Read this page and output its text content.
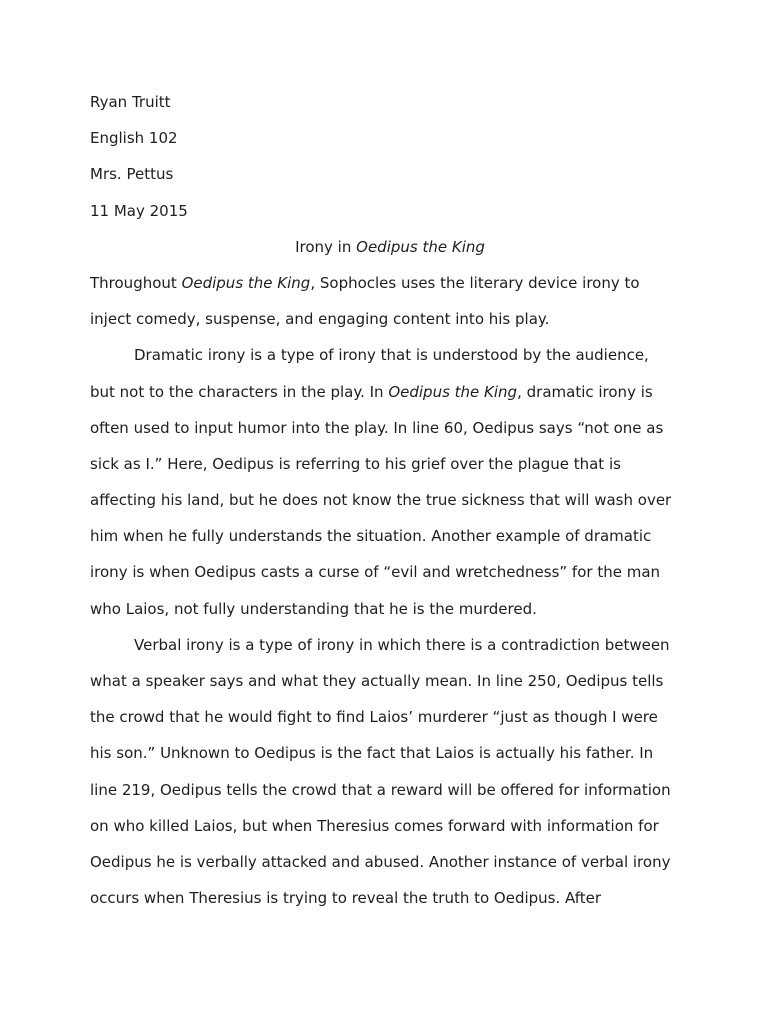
Ryan Truitt
English 102
Mrs. Pettus
11 May 2015
Irony in Oedipus the King
Throughout Oedipus the King, Sophocles uses the literary device irony to
inject comedy, suspense, and engaging content into his play.
Dramatic irony is a type of irony that is understood by the audience,
but not to the characters in the play. In Oedipus the King, dramatic irony is
often used to input humor into the play. In line 60, Oedipus says “not one as
sick as I.” Here, Oedipus is referring to his grief over the plague that is
affecting his land, but he does not know the true sickness that will wash over
him when he fully understands the situation. Another example of dramatic
irony is when Oedipus casts a curse of “evil and wretchedness” for the man
who Laios, not fully understanding that he is the murdered.
Verbal irony is a type of irony in which there is a contradiction between
what a speaker says and what they actually mean. In line 250, Oedipus tells
the crowd that he would fight to find Laios’ murderer “just as though I were
his son.” Unknown to Oedipus is the fact that Laios is actually his father. In
line 219, Oedipus tells the crowd that a reward will be offered for information
on who killed Laios, but when Theresius comes forward with information for
Oedipus he is verbally attacked and abused. Another instance of verbal irony
occurs when Theresius is trying to reveal the truth to Oedipus. After
